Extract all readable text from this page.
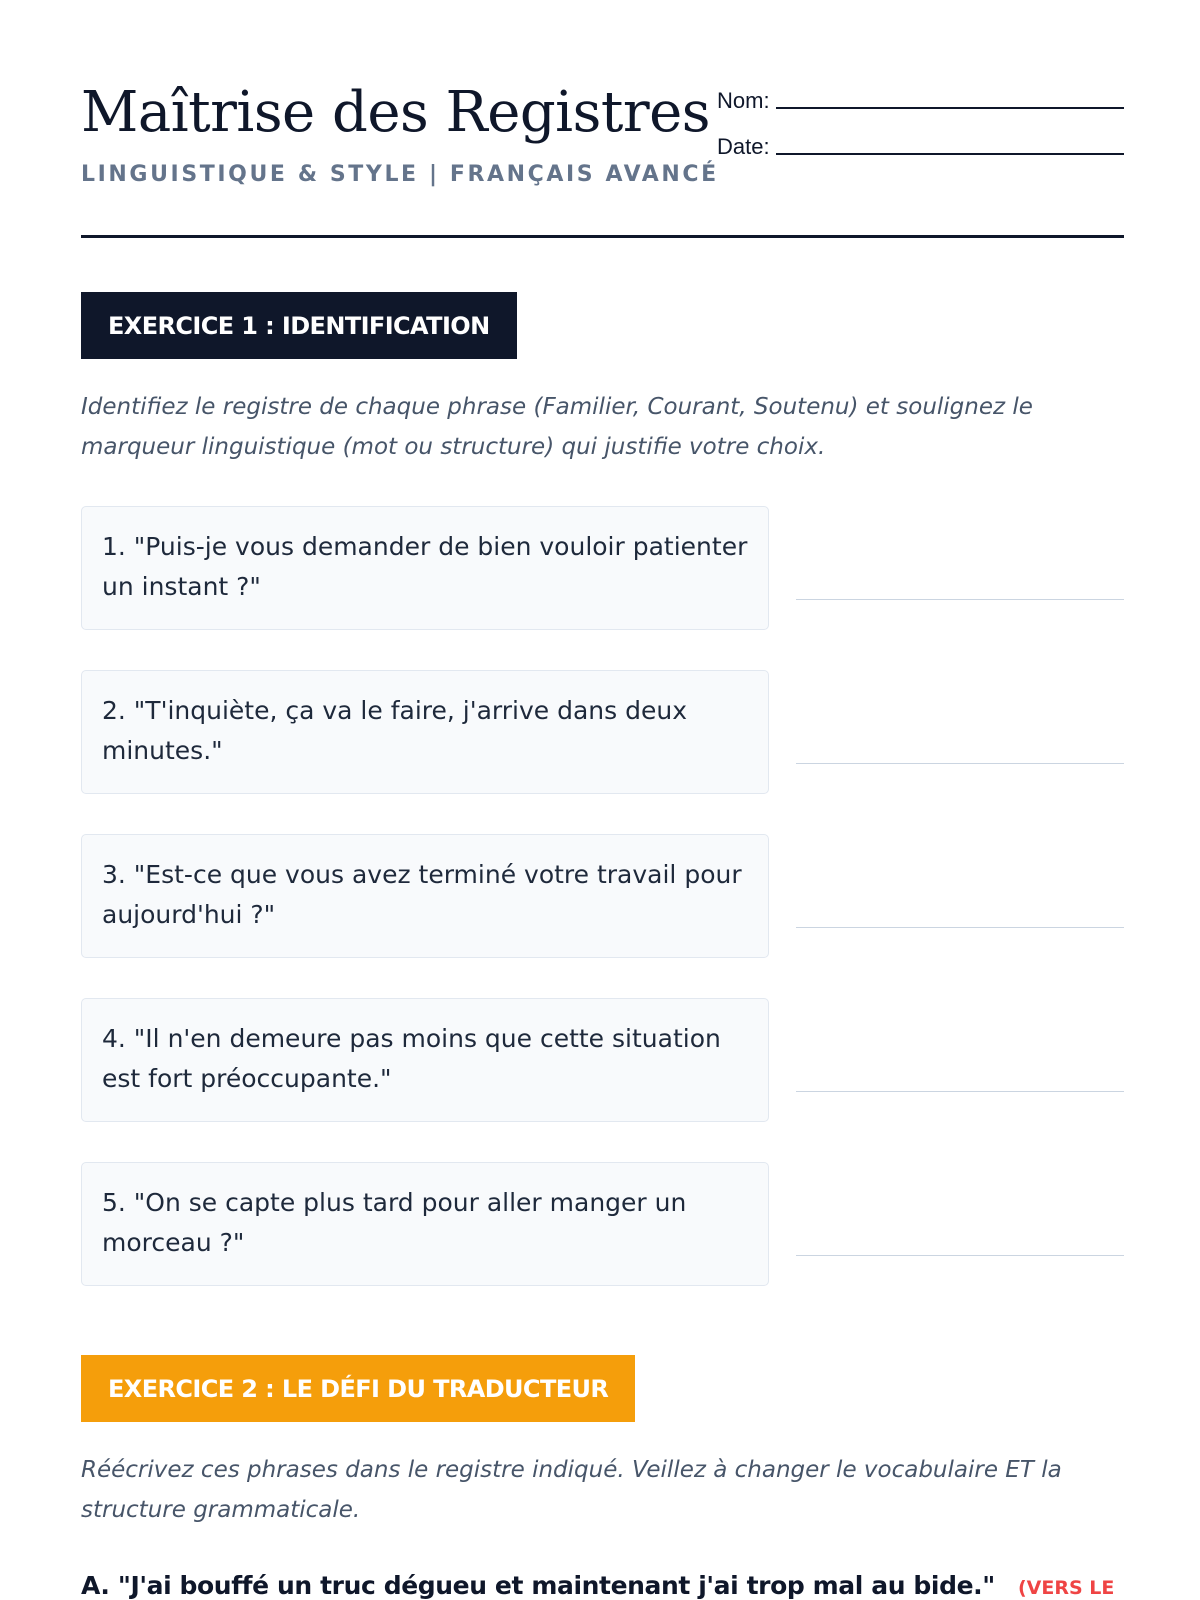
Maîtrise des Registres
LINGUISTIQUE & STYLE | FRANÇAIS AVANCÉ
Nom:
Date:
EXERCICE 1 : IDENTIFICATION

Identifiez le registre de chaque phrase (Familier, Courant, Soutenu) et soulignez le marqueur linguistique (mot ou structure) qui justifie votre choix.

1. "Puis-je vous demander de bien vouloir patienter un instant ?"
2. "T'inquiète, ça va le faire, j'arrive dans deux minutes."
3. "Est-ce que vous avez terminé votre travail pour aujourd'hui ?"
4. "Il n'en demeure pas moins que cette situation est fort préoccupante."
5. "On se capte plus tard pour aller manger un morceau ?"
EXERCICE 2 : LE DÉFI DU TRADUCTEUR

Réécrivez ces phrases dans le registre indiqué. Veillez à changer le vocabulaire ET la structure grammaticale.

A. "J'ai bouffé un truc dégueu et maintenant j'ai trop mal au bide." (VERS LE
